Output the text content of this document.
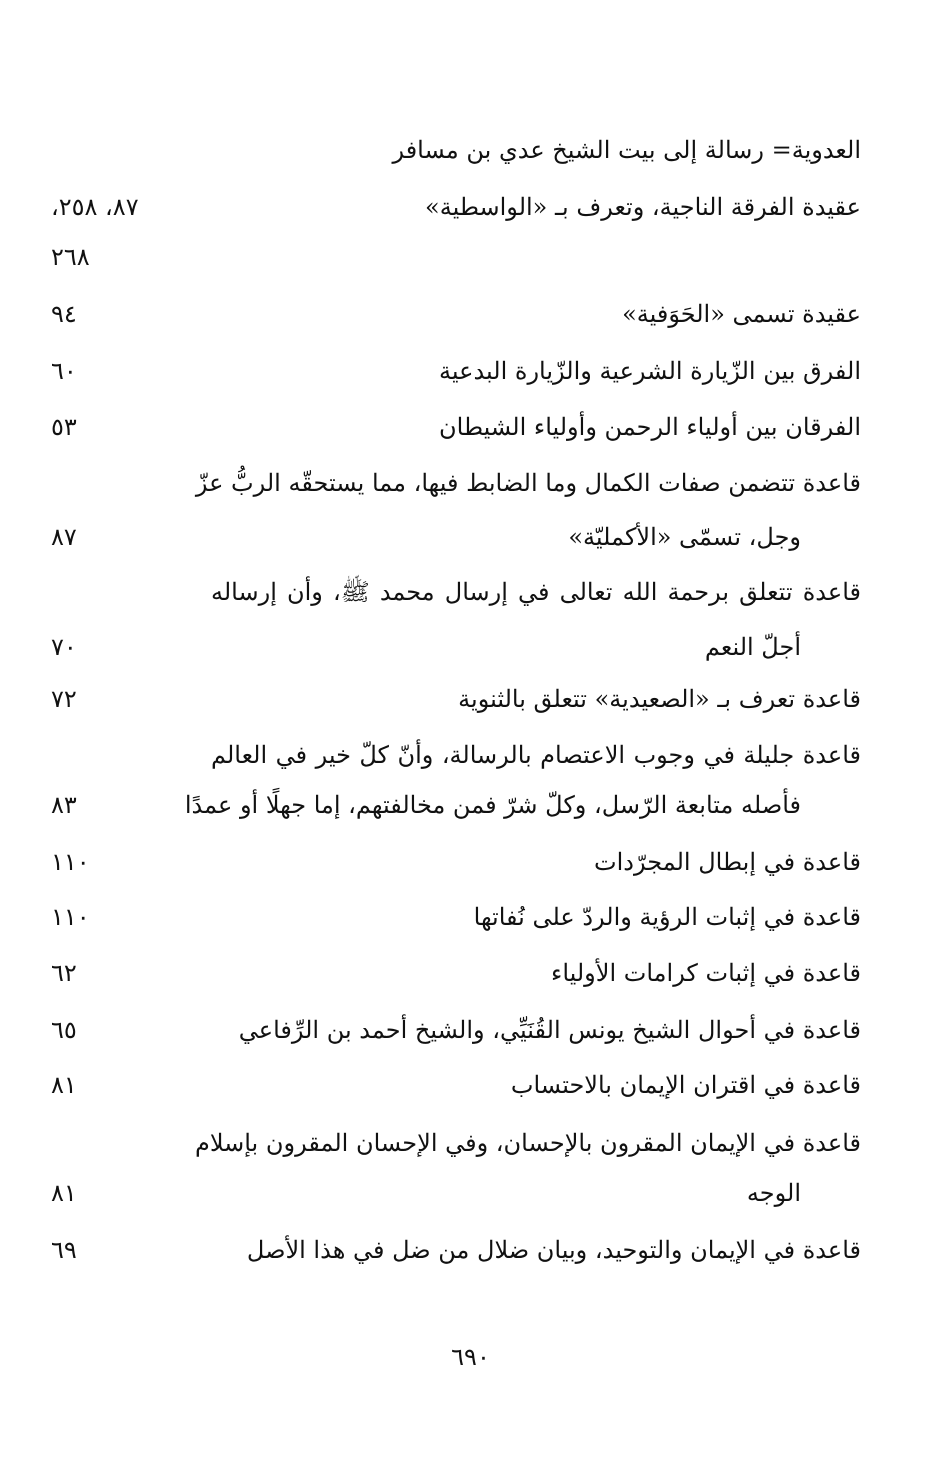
العدوية= رسالة إلى بيت الشيخ عدي بن مسافر
عقيدة الفرقة الناجية، وتعرف بـ «الواسطية»
٨٧، ٢٥٨،
٢٦٨
عقيدة تسمى «الحَوَفية»
٩٤
الفرق بين الزّيارة الشرعية والزّيارة البدعية
٦٠
الفرقان بين أولياء الرحمن وأولياء الشيطان
٥٣
قاعدة تتضمن صفات الكمال وما الضابط فيها، مما يستحقّه الربُّ عزّ
وجل، تسمّى «الأكمليّة»
٨٧
قاعدة تتعلق برحمة الله تعالى في إرسال محمد ﷺ، وأن إرساله
أجلّ النعم
٧٠
قاعدة تعرف بـ «الصعيدية» تتعلق بالثنوية
٧٢
قاعدة جليلة في وجوب الاعتصام بالرسالة، وأنّ كلّ خير في العالم
فأصله متابعة الرّسل، وكلّ شرّ فمن مخالفتهم، إما جهلًا أو عمدًا
٨٣
قاعدة في إبطال المجرّدات
١١٠
قاعدة في إثبات الرؤية والردّ على نُفاتها
١١٠
قاعدة في إثبات كرامات الأولياء
٦٢
قاعدة في أحوال الشيخ يونس القُنَيِّي، والشيخ أحمد بن الرِّفاعي
٦٥
قاعدة في اقتران الإيمان بالاحتساب
٨١
قاعدة في الإيمان المقرون بالإحسان، وفي الإحسان المقرون بإسلام
الوجه
٨١
قاعدة في الإيمان والتوحيد، وبيان ضلال من ضل في هذا الأصل
٦٩
٦٩٠
